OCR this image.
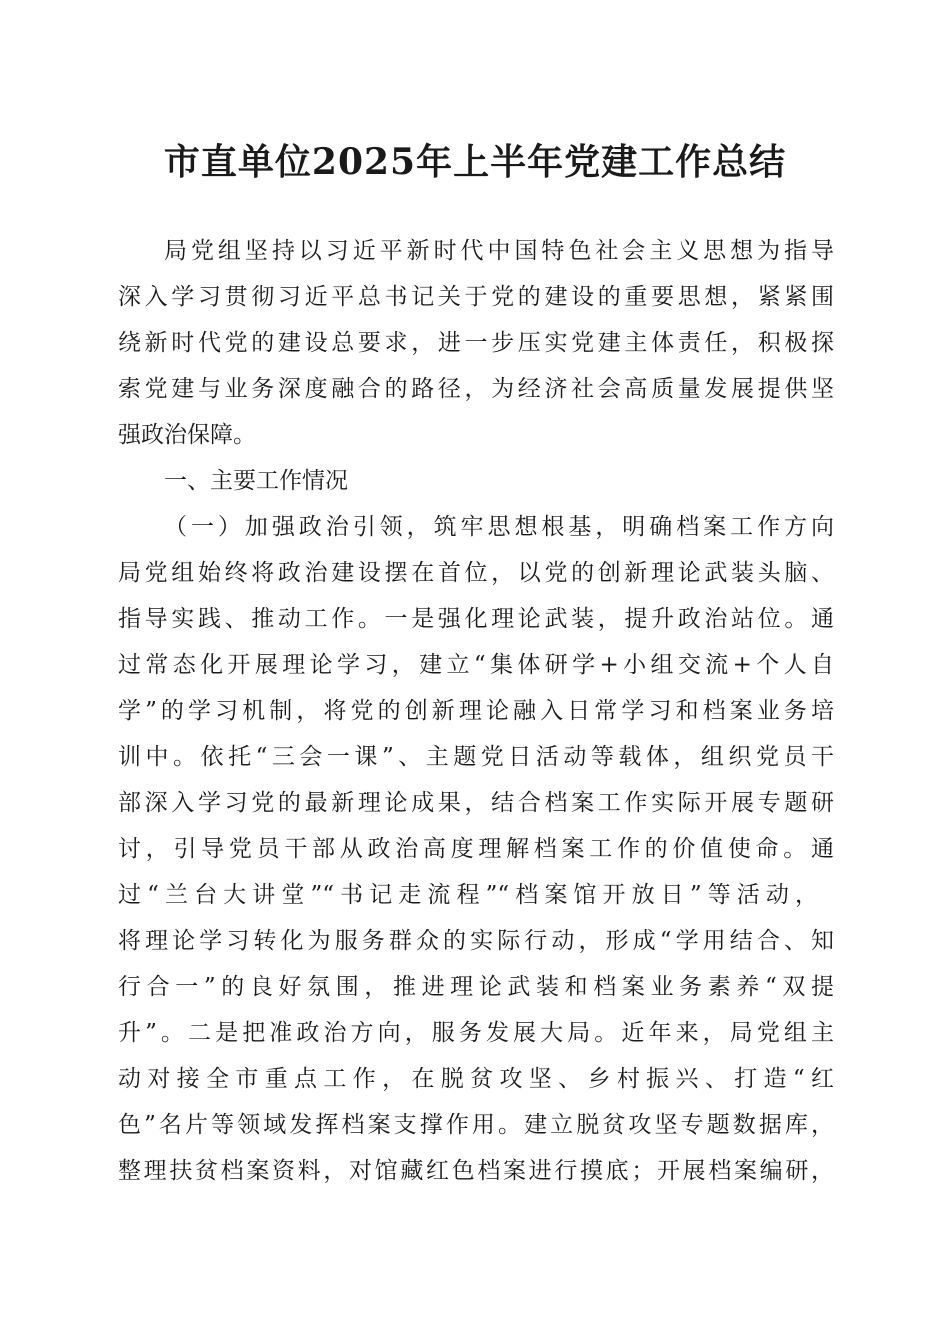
市直单位2025年上半年党建工作总结
局党组坚持以习近平新时代中国特色社会主义思想为指导
深入学习贯彻习近平总书记关于党的建设的重要思想，紧紧围
绕新时代党的建设总要求，进一步压实党建主体责任，积极探
索党建与业务深度融合的路径，为经济社会高质量发展提供坚
强政治保障。
一、主要工作情况
（一）加强政治引领，筑牢思想根基，明确档案工作方向
局党组始终将政治建设摆在首位，以党的创新理论武装头脑、
指导实践、推动工作。一是强化理论武装，提升政治站位。通
过常态化开展理论学习，建立“集体研学+小组交流+个人自
学”的学习机制，将党的创新理论融入日常学习和档案业务培
训中。依托“三会一课”、主题党日活动等载体，组织党员干
部深入学习党的最新理论成果，结合档案工作实际开展专题研
讨，引导党员干部从政治高度理解档案工作的价值使命。通
过“兰台大讲堂”“书记走流程”“档案馆开放日”等活动，
将理论学习转化为服务群众的实际行动，形成“学用结合、知
行合一”的良好氛围，推进理论武装和档案业务素养“双提
升”。二是把准政治方向，服务发展大局。近年来，局党组主
动对接全市重点工作，在脱贫攻坚、乡村振兴、打造“红
色”名片等领域发挥档案支撑作用。建立脱贫攻坚专题数据库，
整理扶贫档案资料，对馆藏红色档案进行摸底；开展档案编研，
